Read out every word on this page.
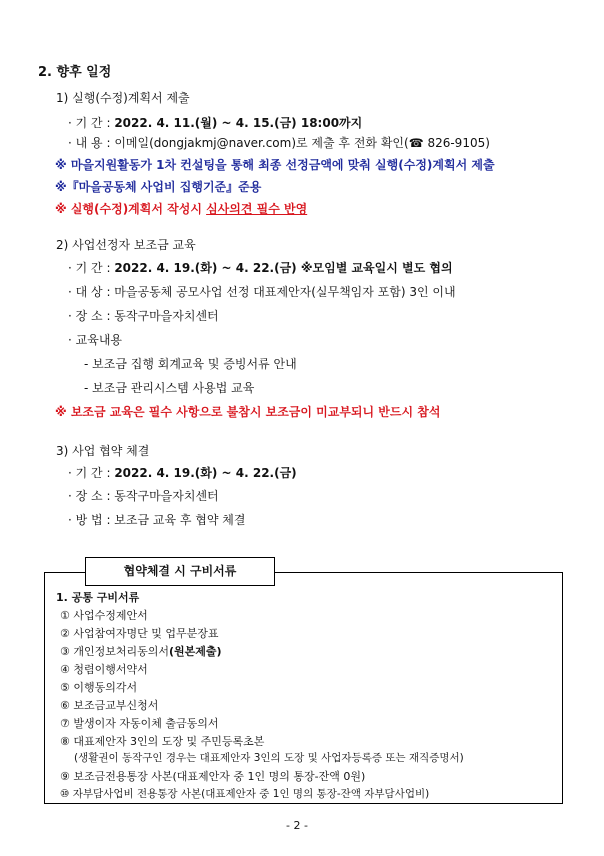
2. 향후 일정
1) 실행(수정)계획서 제출
· 기 간 : 2022. 4. 11.(월) ~ 4. 15.(금) 18:00까지
· 내 용 : 이메일(dongjakmj@naver.com)로 제출 후 전화 확인(☎ 826-9105)
※ 마을지원활동가 1차 컨설팅을 통해 최종 선정금액에 맞춰 실행(수정)계획서 제출
※『마을공동체 사업비 집행기준』준용
※ 실행(수정)계획서 작성시 심사의견 필수 반영
2) 사업선정자 보조금 교육
· 기 간 : 2022. 4. 19.(화) ~ 4. 22.(금) ※모임별 교육일시 별도 협의
· 대 상 : 마을공동체 공모사업 선정 대표제안자(실무책임자 포함) 3인 이내
· 장 소 : 동작구마을자치센터
· 교육내용
- 보조금 집행 회계교육 및 증빙서류 안내
- 보조금 관리시스템 사용법 교육
※ 보조금 교육은 필수 사항으로 불참시 보조금이 미교부되니 반드시 참석
3) 사업 협약 체결
· 기 간 : 2022. 4. 19.(화) ~ 4. 22.(금)
· 장 소 : 동작구마을자치센터
· 방 법 : 보조금 교육 후 협약 체결
협약체결 시 구비서류
1. 공통 구비서류
① 사업수정제안서
② 사업참여자명단 및 업무분장표
③ 개인정보처리동의서(원본제출)
④ 청렴이행서약서
⑤ 이행동의각서
⑥ 보조금교부신청서
⑦ 발생이자 자동이체 출금동의서
⑧ 대표제안자 3인의 도장 및 주민등록초본
(생활권이 동작구인 경우는 대표제안자 3인의 도장 및 사업자등록증 또는 재직증명서)
⑨ 보조금전용통장 사본(대표제안자 중 1인 명의 통장-잔액 0원)
⑩ 자부담사업비 전용통장 사본(대표제안자 중 1인 명의 통장-잔액 자부담사업비)
- 2 -
